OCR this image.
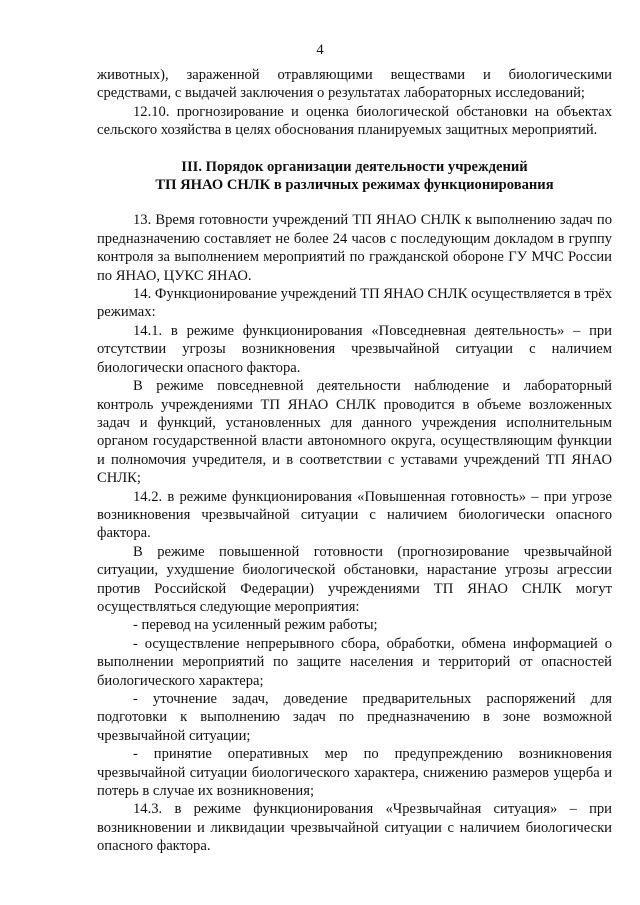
4

животных), зараженной отравляющими веществами и биологическими средствами, с выдачей заключения о результатах лабораторных исследований;

12.10. прогнозирование и оценка биологической обстановки на объектах сельского хозяйства в целях обоснования планируемых защитных мероприятий.

III. Порядок организации деятельности учреждений
ТП ЯНАО СНЛК в различных режимах функционирования

13. Время готовности учреждений ТП ЯНАО СНЛК к выполнению задач по предназначению составляет не более 24 часов с последующим докладом в группу контроля за выполнением мероприятий по гражданской обороне ГУ МЧС России по ЯНАО, ЦУКС ЯНАО.

14. Функционирование учреждений ТП ЯНАО СНЛК осуществляется в трёх режимах:

14.1. в режиме функционирования «Повседневная деятельность» – при отсутствии угрозы возникновения чрезвычайной ситуации с наличием биологически опасного фактора.

В режиме повседневной деятельности наблюдение и лабораторный контроль учреждениями ТП ЯНАО СНЛК проводится в объеме возложенных задач и функций, установленных для данного учреждения исполнительным органом государственной власти автономного округа, осуществляющим функции и полномочия учредителя, и в соответствии с уставами учреждений ТП ЯНАО СНЛК;

14.2. в режиме функционирования «Повышенная готовность» – при угрозе возникновения чрезвычайной ситуации с наличием биологически опасного фактора.

В режиме повышенной готовности (прогнозирование чрезвычайной ситуации, ухудшение биологической обстановки, нарастание угрозы агрессии против Российской Федерации) учреждениями ТП ЯНАО СНЛК могут осуществляться следующие мероприятия:

- перевод на усиленный режим работы;

- осуществление непрерывного сбора, обработки, обмена информацией о выполнении мероприятий по защите населения и территорий от опасностей биологического характера;

- уточнение задач, доведение предварительных распоряжений для подготовки к выполнению задач по предназначению в зоне возможной чрезвычайной ситуации;

- принятие оперативных мер по предупреждению возникновения чрезвычайной ситуации биологического характера, снижению размеров ущерба и потерь в случае их возникновения;

14.3. в режиме функционирования «Чрезвычайная ситуация» – при возникновении и ликвидации чрезвычайной ситуации с наличием биологически опасного фактора.
